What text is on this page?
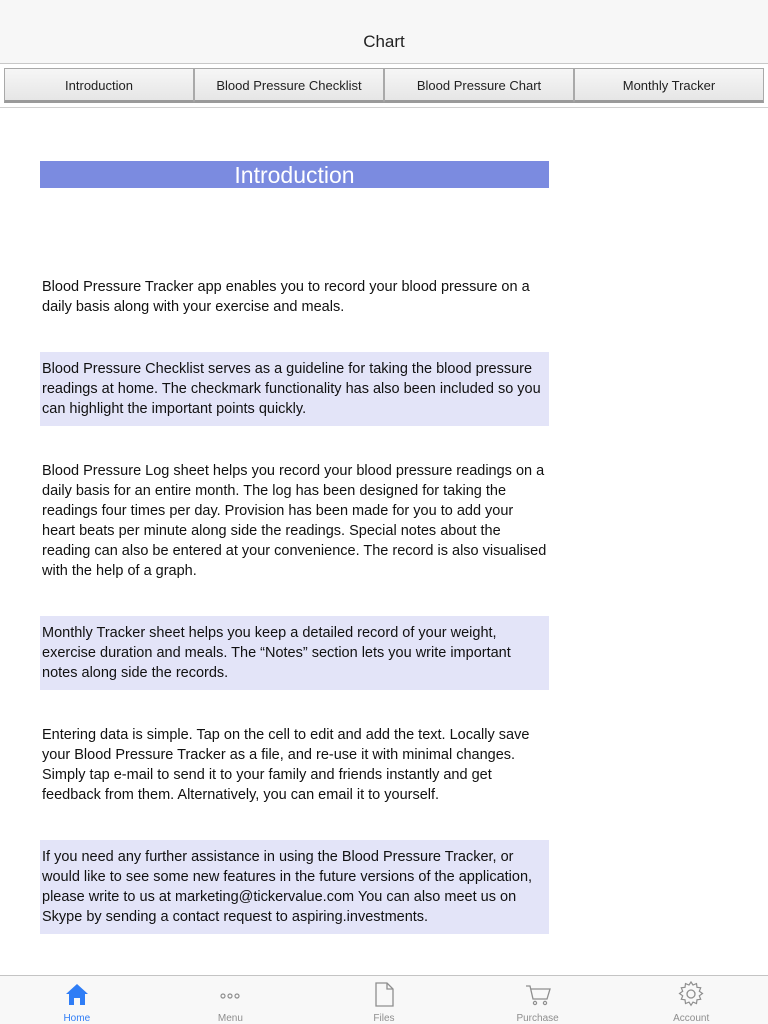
Chart
Introduction	Blood Pressure Checklist	Blood Pressure Chart	Monthly Tracker
Introduction
Blood Pressure Tracker app enables you to record your blood pressure on a daily basis along with your exercise and meals.
Blood Pressure Checklist serves as a guideline for taking the blood pressure readings at home. The checkmark functionality has also been included so you can highlight the important points quickly.
Blood Pressure Log sheet helps you record your blood pressure readings on a daily basis for an entire month. The log has been designed for taking the readings four times per day. Provision has been made for you to add your heart beats per minute along side the readings. Special notes about the reading can also be entered at your convenience. The record is also visualised with the help of a graph.
Monthly Tracker sheet helps you keep a detailed record of your weight, exercise duration and meals. The “Notes” section lets you write important notes along side the records.
Entering data is simple. Tap on the cell to edit and add the text. Locally save your Blood Pressure Tracker as a file, and re-use it with minimal changes. Simply tap e-mail to send it to your family and friends instantly and get feedback from them. Alternatively, you can email it to yourself.
If you need any further assistance in using the Blood Pressure Tracker, or would like to see some new features in the future versions of the application, please write to us at marketing@tickervalue.com You can also meet us on Skype by sending a contact request to aspiring.investments.
Home	Menu	Files	Purchase	Account
